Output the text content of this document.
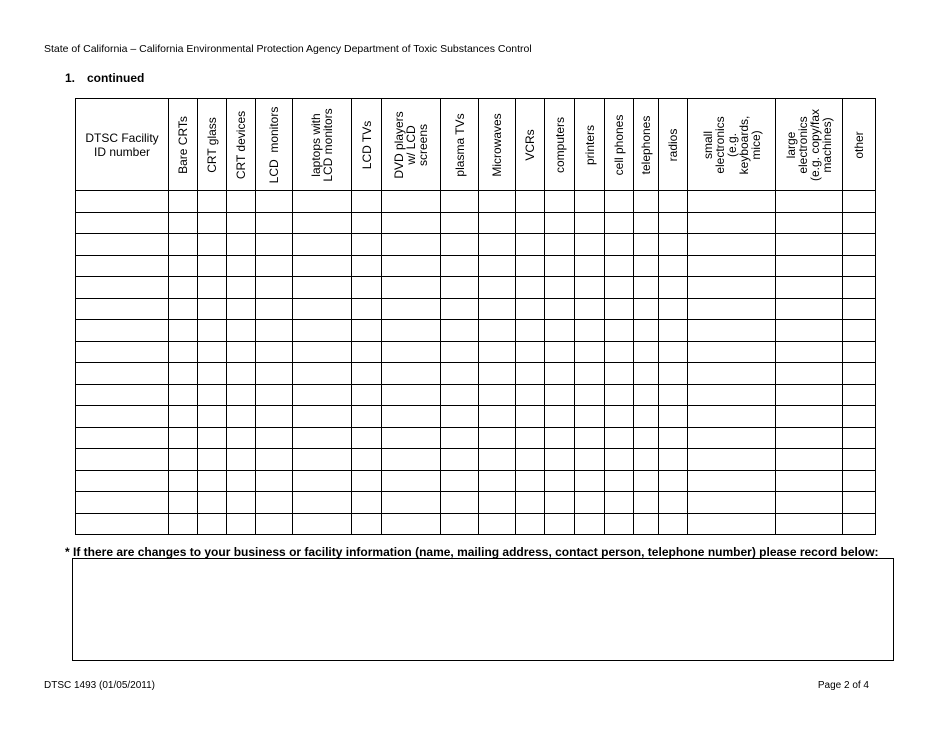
State of California – California Environmental Protection Agency Department of Toxic Substances Control
1. continued
DTSC Facility
ID number	Bare CRTs	CRT glass	CRT devices	LCD  monitors	laptops with
LCD monitors	LCD TVs	DVD players
w/ LCD
screens	plasma TVs	Microwaves	VCRs	computers	printers	cell phones	telephones	radios	small
electronics
(e.g.
keyboards,
mice)	large
electronics
(e.g. copy/fax
machines)	other

* If there are changes to your business or facility information (name, mailing address, contact person, telephone number) please record below:
DTSC 1493 (01/05/2011)	Page 2 of 4
